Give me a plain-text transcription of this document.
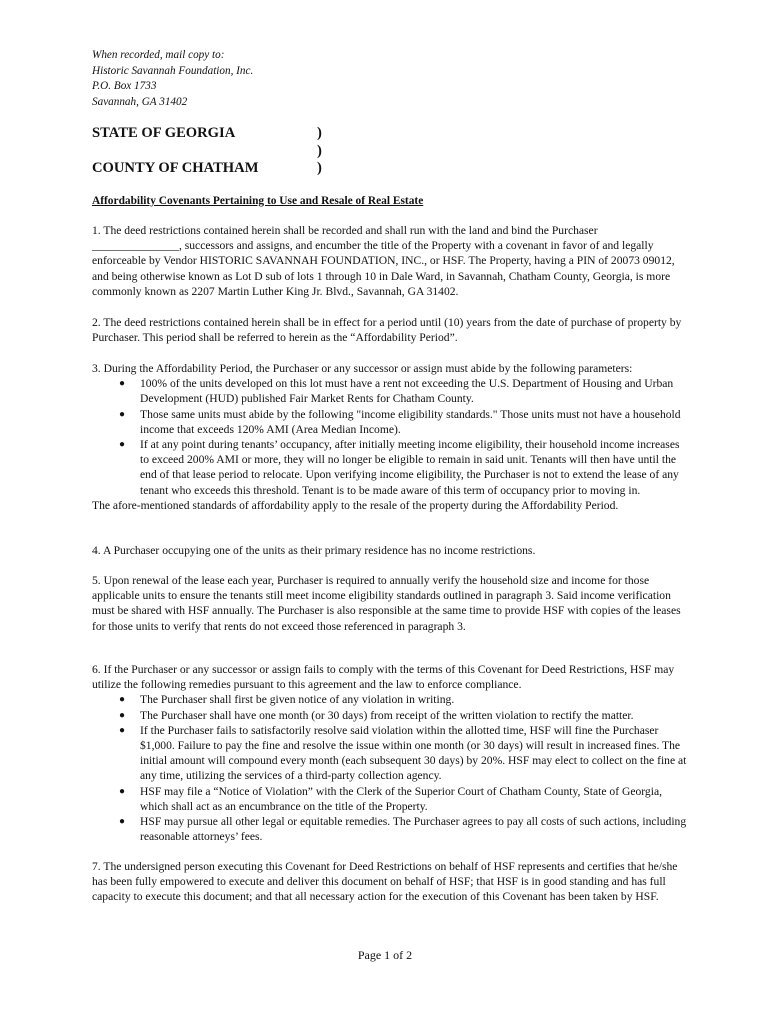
When recorded, mail copy to:
Historic Savannah Foundation, Inc.
P.O. Box 1733
Savannah, GA 31402
STATE OF GEORGIA	)
)
COUNTY OF CHATHAM	)
Affordability Covenants Pertaining to Use and Resale of Real Estate

1. The deed restrictions contained herein shall be recorded and shall run with the land and bind the Purchaser _______________, successors and assigns, and encumber the title of the Property with a covenant in favor of and legally enforceable by Vendor HISTORIC SAVANNAH FOUNDATION, INC., or HSF. The Property, having a PIN of 20073 09012, and being otherwise known as Lot D sub of lots 1 through 10 in Dale Ward, in Savannah, Chatham County, Georgia, is more commonly known as 2207 Martin Luther King Jr. Blvd., Savannah, GA 31402.

2. The deed restrictions contained herein shall be in effect for a period until (10) years from the date of purchase of property by Purchaser. This period shall be referred to herein as the “Affordability Period”.

3. During the Affordability Period, the Purchaser or any successor or assign must abide by the following parameters:

● 100% of the units developed on this lot must have a rent not exceeding the U.S. Department of Housing and Urban Development (HUD) published Fair Market Rents for Chatham County.
● Those same units must abide by the following "income eligibility standards." Those units must not have a household income that exceeds 120% AMI (Area Median Income).
● If at any point during tenants’ occupancy, after initially meeting income eligibility, their household income increases to exceed 200% AMI or more, they will no longer be eligible to remain in said unit. Tenants will then have until the end of that lease period to relocate. Upon verifying income eligibility, the Purchaser is not to extend the lease of any tenant who exceeds this threshold. Tenant is to be made aware of this term of occupancy prior to moving in.

The afore-mentioned standards of affordability apply to the resale of the property during the Affordability Period.

4. A Purchaser occupying one of the units as their primary residence has no income restrictions.

5. Upon renewal of the lease each year, Purchaser is required to annually verify the household size and income for those applicable units to ensure the tenants still meet income eligibility standards outlined in paragraph 3. Said income verification must be shared with HSF annually. The Purchaser is also responsible at the same time to provide HSF with copies of the leases for those units to verify that rents do not exceed those referenced in paragraph 3.

6. If the Purchaser or any successor or assign fails to comply with the terms of this Covenant for Deed Restrictions, HSF may utilize the following remedies pursuant to this agreement and the law to enforce compliance.

● The Purchaser shall first be given notice of any violation in writing.
● The Purchaser shall have one month (or 30 days) from receipt of the written violation to rectify the matter.
● If the Purchaser fails to satisfactorily resolve said violation within the allotted time, HSF will fine the Purchaser $1,000. Failure to pay the fine and resolve the issue within one month (or 30 days) will result in increased fines. The initial amount will compound every month (each subsequent 30 days) by 20%. HSF may elect to collect on the fine at any time, utilizing the services of a third-party collection agency.
● HSF may file a “Notice of Violation” with the Clerk of the Superior Court of Chatham County, State of Georgia, which shall act as an encumbrance on the title of the Property.
● HSF may pursue all other legal or equitable remedies. The Purchaser agrees to pay all costs of such actions, including reasonable attorneys’ fees.

7. The undersigned person executing this Covenant for Deed Restrictions on behalf of HSF represents and certifies that he/she has been fully empowered to execute and deliver this document on behalf of HSF; that HSF is in good standing and has full capacity to execute this document; and that all necessary action for the execution of this Covenant has been taken by HSF.

Page 1 of 2
